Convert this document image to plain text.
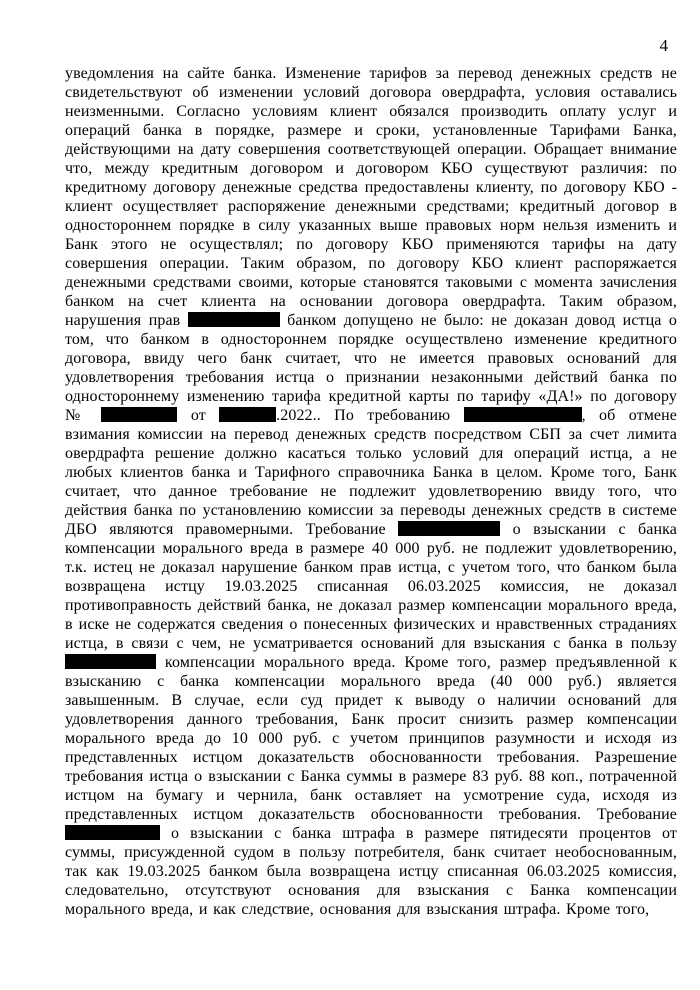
4
уведомления на сайте банка. Изменение тарифов за перевод денежных средств не свидетельствуют об изменении условий договора овердрафта, условия оставались неизменными. Согласно условиям клиент обязался производить оплату услуг и операций банка в порядке, размере и сроки, установленные Тарифами Банка, действующими на дату совершения соответствующей операции. Обращает внимание что, между кредитным договором и договором КБО существуют различия: по кредитному договору денежные средства предоставлены клиенту, по договору КБО - клиент осуществляет распоряжение денежными средствами; кредитный договор в одностороннем порядке в силу указанных выше правовых норм нельзя изменить и Банк этого не осуществлял; по договору КБО применяются тарифы на дату совершения операции. Таким образом, по договору КБО клиент распоряжается денежными средствами своими, которые становятся таковыми с момента зачисления банком на счет клиента на основании договора овердрафта. Таким образом, нарушения прав	банком допущено не было: не доказан довод истца о том, что банком в одностороннем порядке осуществлено изменение кредитного договора, ввиду чего банк считает, что не имеется правовых оснований для удовлетворения требования истца о признании незаконными действий банка по одностороннему изменению тарифа кредитной карты по тарифу «ДА!» по договору №	от	.2022.. По требованию	, об отмене взимания комиссии на перевод денежных средств посредством СБП за счет лимита овердрафта решение должно касаться только условий для операций истца, а не любых клиентов банка и Тарифного справочника Банка в целом. Кроме того, Банк считает, что данное требование не подлежит удовлетворению ввиду того, что действия банка по установлению комиссии за переводы денежных средств в системе ДБО являются правомерными. Требование	о взыскании с банка компенсации морального вреда в размере 40 000 руб. не подлежит удовлетворению, т.к. истец не доказал нарушение банком прав истца, с учетом того, что банком была возвращена истцу 19.03.2025 списанная 06.03.2025 комиссия, не доказал противоправность действий банка, не доказал размер компенсации морального вреда, в иске не содержатся сведения о понесенных физических и нравственных страданиях истца, в связи с чем, не усматривается оснований для взыскания с банка в пользу  компенсации морального вреда. Кроме того, размер предъявленной к взысканию с банка компенсации морального вреда (40 000 руб.) является завышенным. В случае, если суд придет к выводу о наличии оснований для удовлетворения данного требования, Банк просит снизить размер компенсации морального вреда до 10 000 руб. с учетом принципов разумности и исходя из представленных истцом доказательств обоснованности требования. Разрешение требования истца о взыскании с Банка суммы в размере 83 руб. 88 коп., потраченной истцом на бумагу и чернила, банк оставляет на усмотрение суда, исходя из представленных истцом доказательств обоснованности требования. Требование  о взыскании с банка штрафа в размере пятидесяти процентов от суммы, присужденной судом в пользу потребителя, банк считает необоснованным, так как 19.03.2025 банком была возвращена истцу списанная 06.03.2025 комиссия, следовательно, отсутствуют основания для взыскания с Банка компенсации морального вреда, и как следствие, основания для взыскания штрафа. Кроме того,
